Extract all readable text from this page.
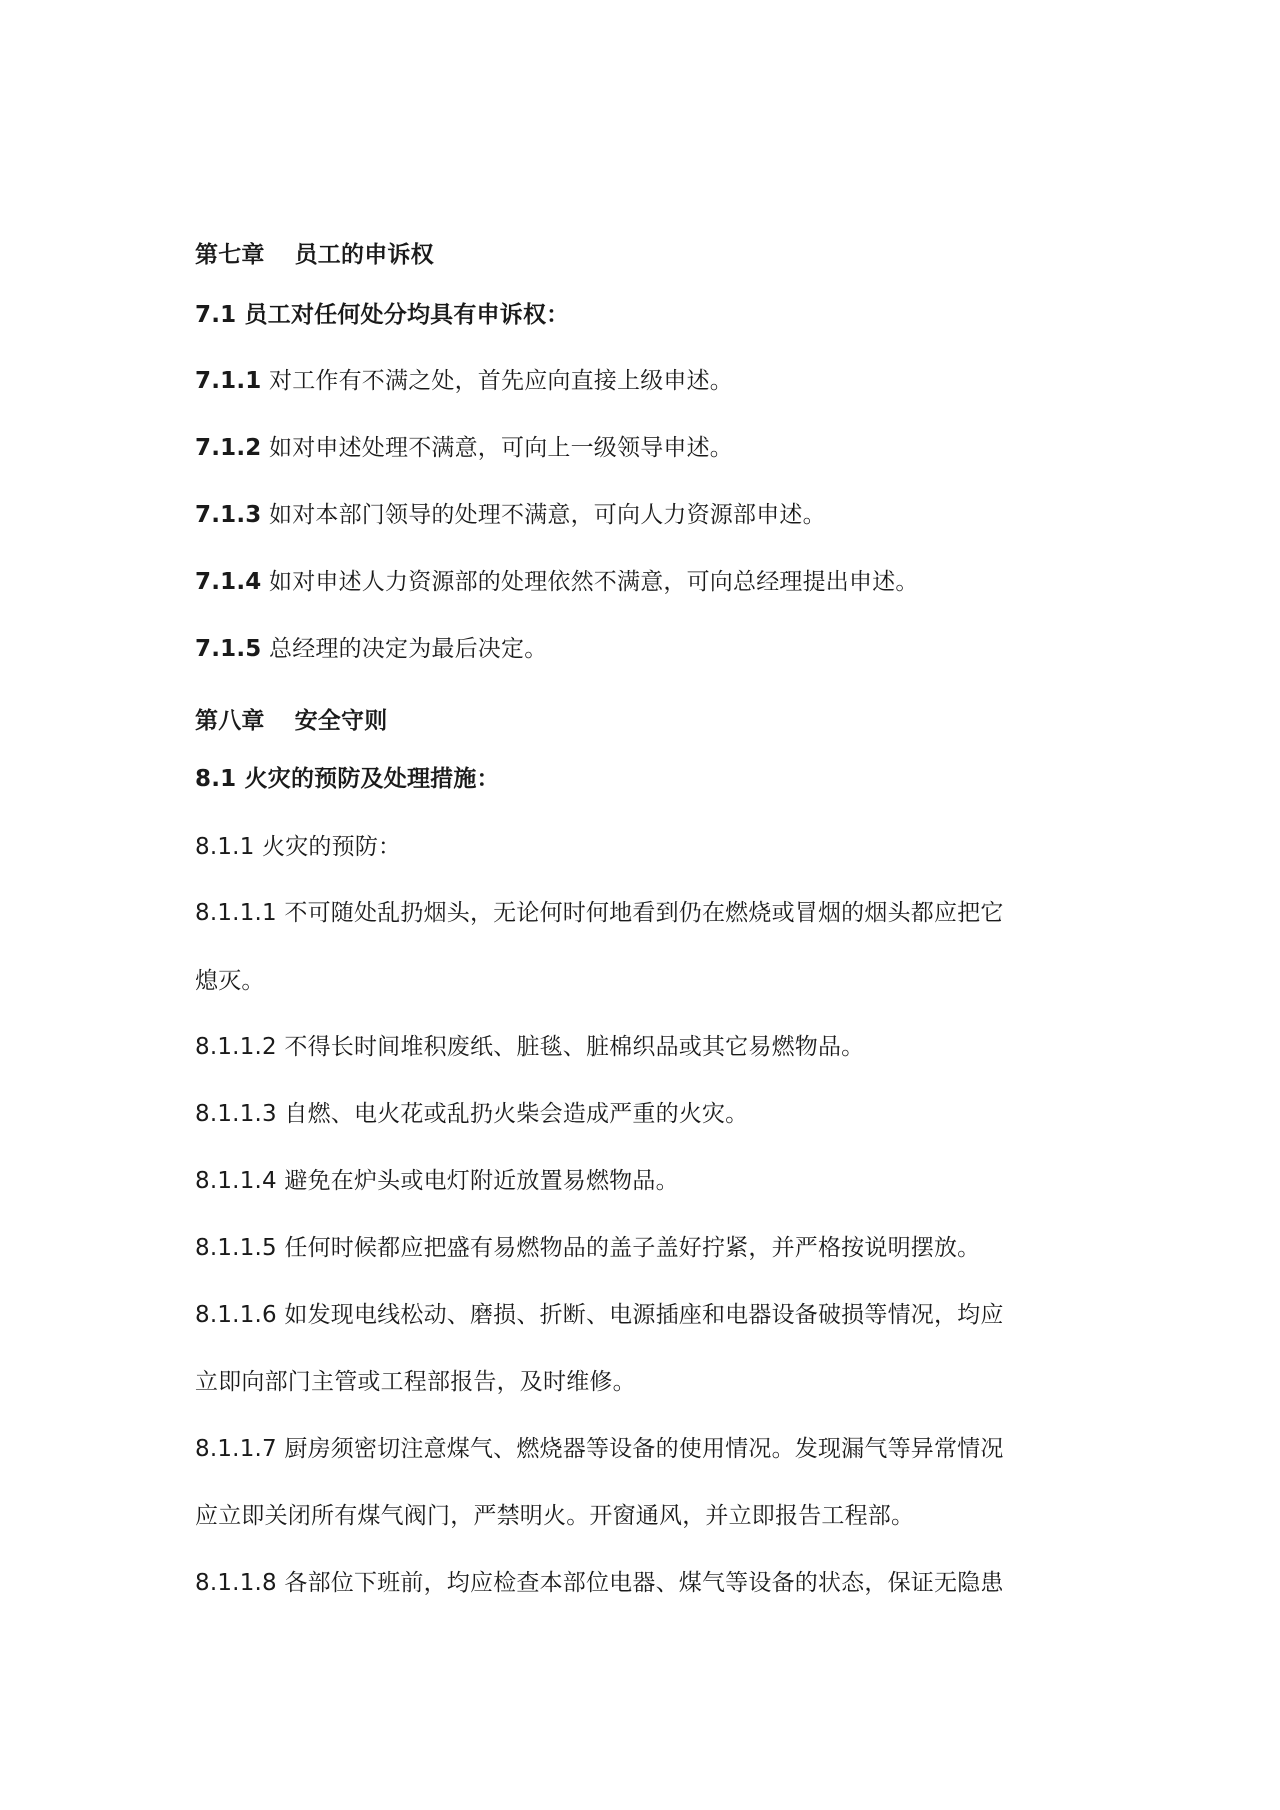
第七章 员工的申诉权
7.1 员工对任何处分均具有申诉权：
7.1.1 对工作有不满之处，首先应向直接上级申述。
7.1.2 如对申述处理不满意，可向上一级领导申述。
7.1.3 如对本部门领导的处理不满意，可向人力资源部申述。
7.1.4 如对申述人力资源部的处理依然不满意，可向总经理提出申述。
7.1.5 总经理的决定为最后决定。
第八章 安全守则
8.1 火灾的预防及处理措施：
8.1.1 火灾的预防：
8.1.1.1 不可随处乱扔烟头，无论何时何地看到仍在燃烧或冒烟的烟头都应把它
熄灭。
8.1.1.2 不得长时间堆积废纸、脏毯、脏棉织品或其它易燃物品。
8.1.1.3 自燃、电火花或乱扔火柴会造成严重的火灾。
8.1.1.4 避免在炉头或电灯附近放置易燃物品。
8.1.1.5 任何时候都应把盛有易燃物品的盖子盖好拧紧，并严格按说明摆放。
8.1.1.6 如发现电线松动、磨损、折断、电源插座和电器设备破损等情况，均应
立即向部门主管或工程部报告，及时维修。
8.1.1.7 厨房须密切注意煤气、燃烧器等设备的使用情况。发现漏气等异常情况
应立即关闭所有煤气阀门，严禁明火。开窗通风，并立即报告工程部。
8.1.1.8 各部位下班前，均应检查本部位电器、煤气等设备的状态，保证无隐患
